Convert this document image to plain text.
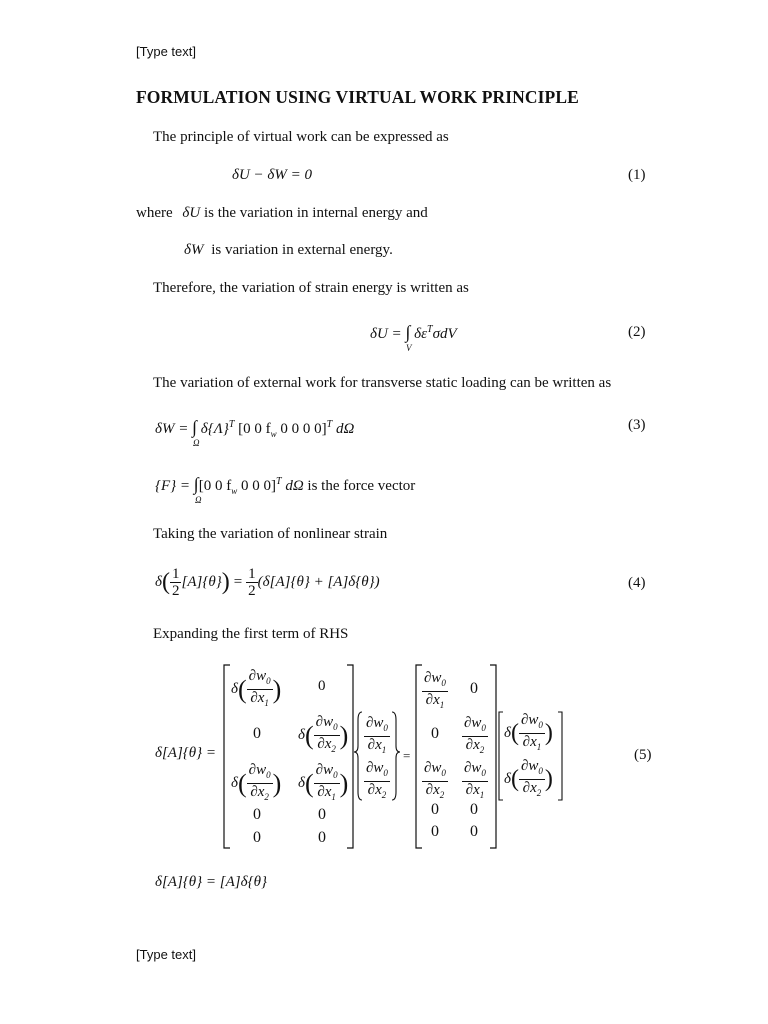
[Type text]
FORMULATION USING VIRTUAL WORK PRINCIPLE
The principle of virtual work can be expressed as
δU − δW = 0	(1)
where δU is the variation in internal energy and
δW is variation in external energy.
Therefore, the variation of strain energy is written as
δU = ∫ $\delta\varepsilon^T\sigma dV$
V
(2)
The variation of external work for transverse static loading can be written as
δW = ∫ $\delta\{\Lambda\}^T$ [0 0 $f_w$ 0 0 0 0]$^T$ dΩ
Ω
(3)
{F} = ∫[0 0 $f_w$ 0 0 0]$^T$ dΩ is the force vector
Ω
Taking the variation of nonlinear strain
δ ( $\frac{1}{2} [A]\{\theta\}$ ) = $\frac{1}{2} (\delta[A]\{\theta\} + [A]\delta\{\theta\})$	(4)
Expanding the first term of RHS
δ[A]{θ} =	(5)
δ ( $\frac{\partial w_0}{\partial x_1}$ ) 0
0 δ ( $\frac{\partial w_0}{\partial x_2}$ )
δ ( $\frac{\partial w_0}{\partial x_2}$ ) δ ( $\frac{\partial w_0}{\partial x_1}$ )
0	0
0	0
$\frac{\partial w_0}{\partial x_1}$
$\frac{\partial w_0}{\partial x_2}$
=
$\frac{\partial w_0}{\partial x_1} 0$
$0 \frac{\partial w_0}{\partial x_2}$
$\frac{\partial w_0}{\partial x_2} \frac{\partial w_0}{\partial x_1}$
0 0
0 0
δ ( $\frac{\partial w_0}{\partial x_1}$ )
δ ( $\frac{\partial w_0}{\partial x_2}$ )
δ[A]{θ} = [A]δ{θ}
[Type text]
